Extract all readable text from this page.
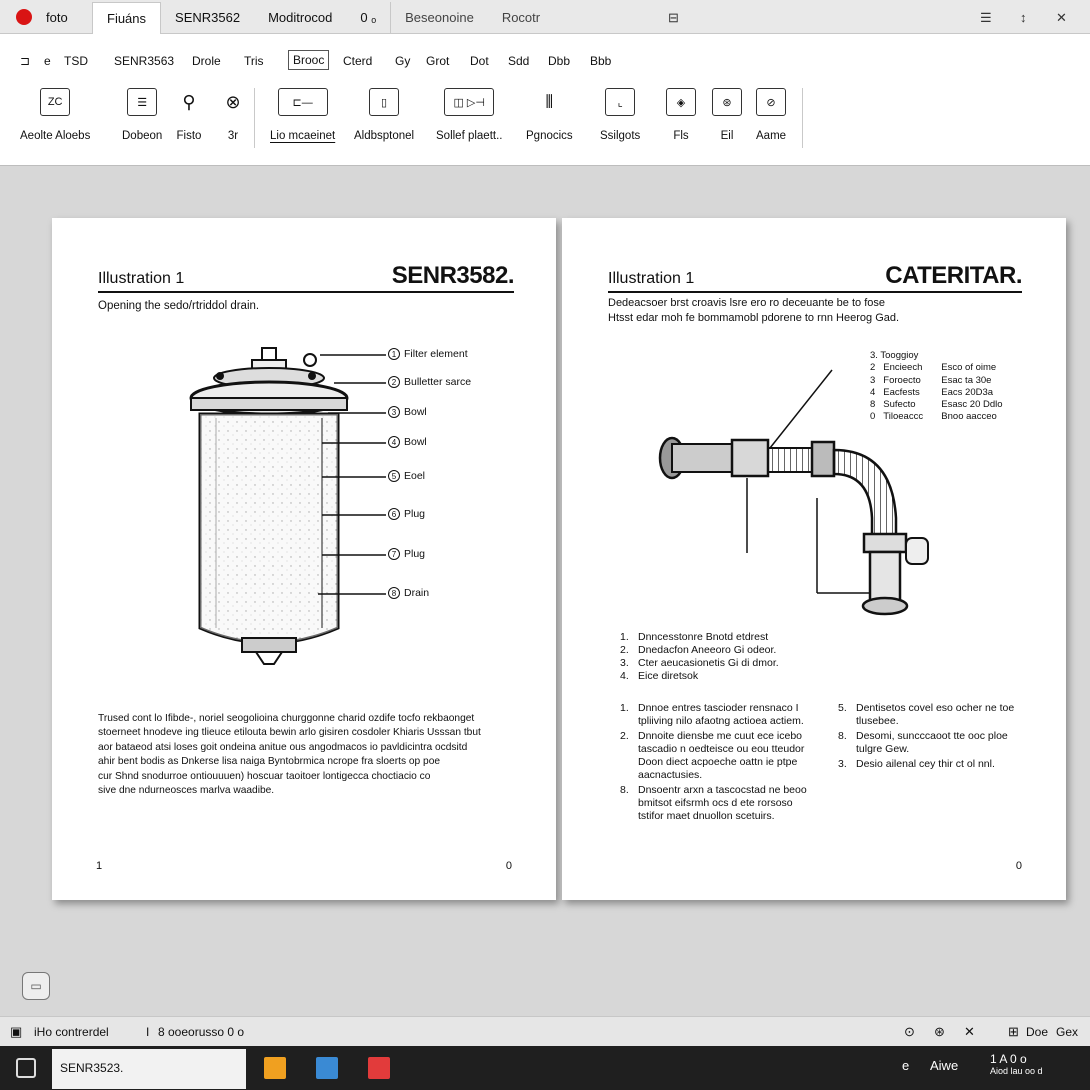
foto	Fiuáns	SENR3562	Moditrocod	0 ₒ	Beseonoine	Rocotr	⊟	☰ ↕ ✕
⊐ e TSD SENR3563 Drole Tris	Brooc	Cterd Gy Grot Dot Sdd Dbb Bbb
ZC
Aeolte Aloebs
☰
Dobeon
⚲
Fisto
⊗
3r
⊏—
Lio mcaeinet
▯
Aldbsptonel
◫ ▷⊣
Sollef plaett..
⫴
Pgnocics
⌞
Ssilgots
◈
Fls
⊛
Eil
⊘
Aame
Illustration 1	SENR3582.
Opening the sedo/rtriddol drain.
1 Filter element
2 Bulletter sarce
3 Bowl
4 Bowl
5 Eoel
6 Plug
7 Plug
8 Drain
Trused cont lo Ifibde-, noriel seogolioina churggonne charid ozdife tocfo rekbaonget
stoerneet hnodeve ing tlieuce etilouta bewin arlo gisiren cosdoler Khiaris Usssan tbut
aor bataeod atsi loses goit ondeina anitue ous angodmacos io pavldicintra ocdsitd
ahir bent bodis as Dnkerse lisa naiga Byntobrmica ncrope fra sloerts op poe
cur Shnd snodurroe ontiouuuen) hoscuar taoitoer lontigecca choctiacio co
sive dne ndurneosces marlva waadibe.
1	0
Illustration 1	CATERITAR.
Dedeacsoer brst croavis lsre ero ro deceuante be to fose
Htsst edar moh fe bommamobl pdorene to rnn Heerog Gad.
3. Tooggioy
2 Encieech	Esco of oime
3 Foroecto	Esac ta 30e
4 Eacfests	Eacs 20D3a
8 Sufecto	Esasc 20 Ddlo
0 Tiloeaccc	Bnoo aacceo
1. Dnncesstonre Bnotd etdrest
2. Dnedacfon Aneeoro Gi odeor.
3. Cter aeucasionetis Gi di dmor.
4. Eice diretsok
1. Dnnoe entres tascioder rensnaco I
tpliiving nilo afaotng actioea actiem.
2. Dnnoite diensbe me cuut ece icebo
tascadio n oedteisce ou eou tteudor
Doon diect acpoeche oattn ie ptpe
aacnactusies.
8. Dnsoentr arxn a tascocstad ne beoo
bmitsot eifsrmh ocs d ete rorsoso
tstifor maet dnuollon scetuirs.
5. Dentisetos covel eso ocher ne toe
tlusebee.
8. Desomi, suncccaoot tte ooc ploe
tulgre Gew.
3. Desio ailenal cey thir ct ol nnl.
0
▭
▣ iHo contrerdel	I 8 ooeorusso 0 o	⊙ ⊛ ✕	⊞ Doe Gex
SENR3523.	e Aiwe	1 A 0 o
Aiod lau oo d
